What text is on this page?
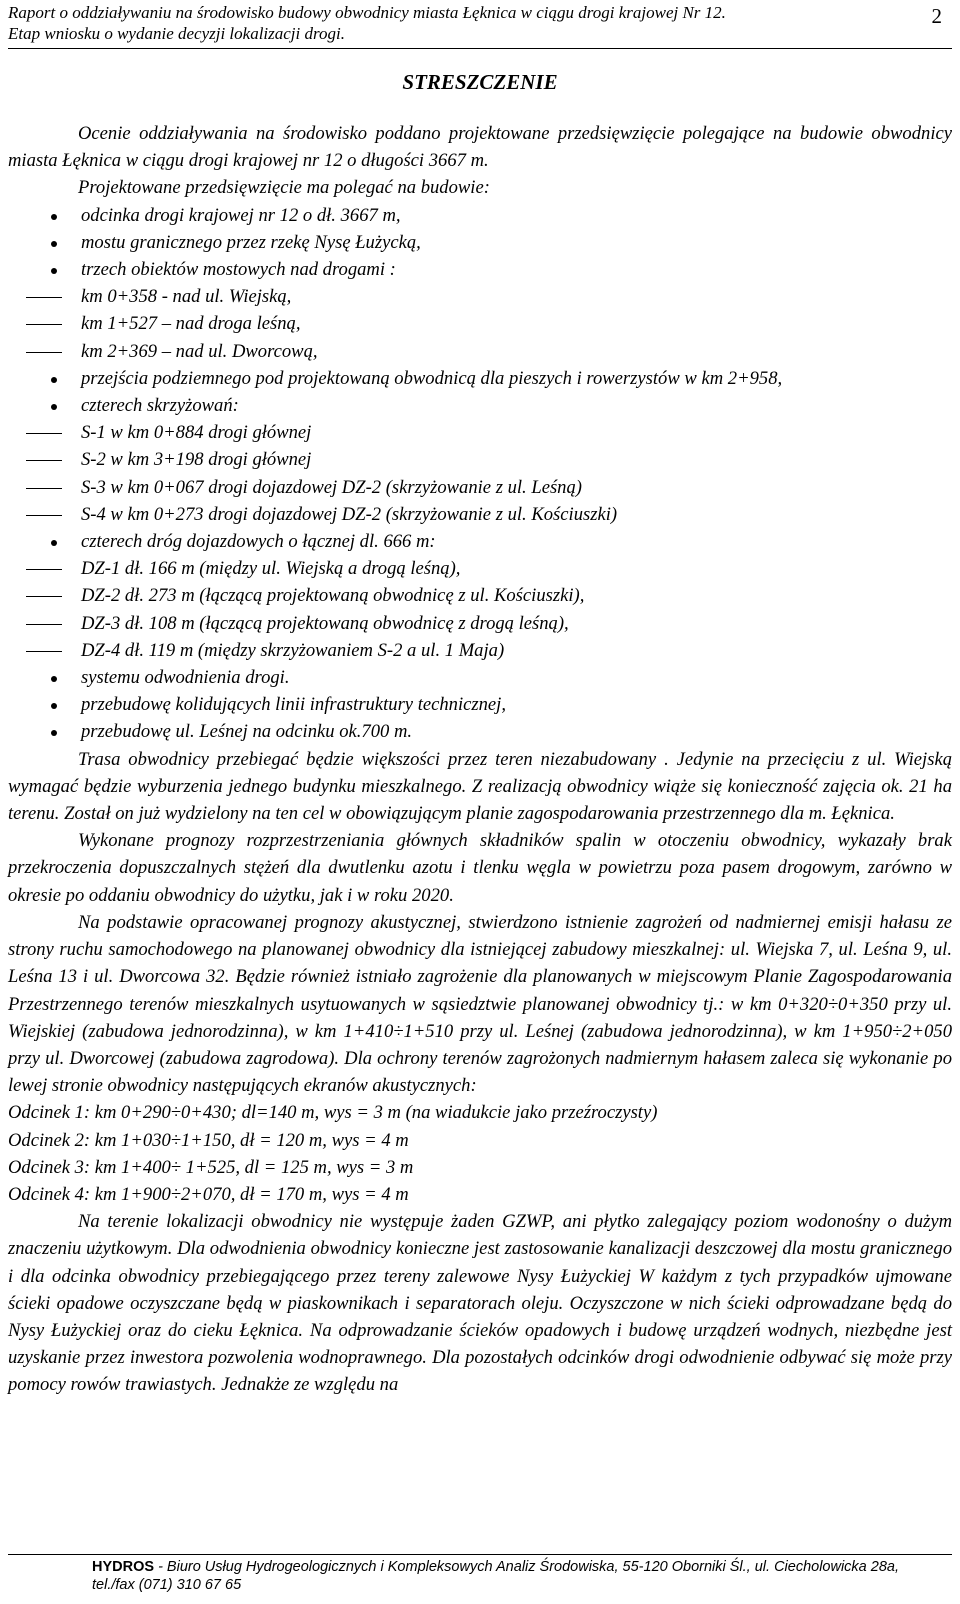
Raport o oddziaływaniu na środowisko budowy obwodnicy miasta Łęknica w ciągu drogi krajowej Nr 12.
Etap wniosku o wydanie decyzji lokalizacji drogi.
2
STRESZCZENIE

Ocenie oddziaływania na środowisko poddano projektowane przedsięwzięcie polegające na budowie obwodnicy miasta Łęknica w ciągu drogi krajowej nr 12 o długości 3667 m.

Projektowane przedsięwzięcie ma polegać na budowie:

odcinka drogi krajowej nr 12 o dł. 3667 m,
mostu granicznego przez rzekę Nysę Łużycką,
trzech obiektów mostowych nad drogami :
km 0+358 - nad ul. Wiejską,
km 1+527 – nad droga leśną,
km 2+369 – nad ul. Dworcową,
przejścia podziemnego pod projektowaną obwodnicą dla pieszych i rowerzystów w km 2+958,
czterech skrzyżowań:
S-1 w km 0+884 drogi głównej
S-2 w km 3+198 drogi głównej
S-3 w km 0+067 drogi dojazdowej DZ-2 (skrzyżowanie z ul. Leśną)
S-4 w km 0+273 drogi dojazdowej DZ-2 (skrzyżowanie z ul. Kościuszki)
czterech dróg dojazdowych o łącznej dl. 666 m:
DZ-1 dł. 166 m (między ul. Wiejską a drogą leśną),
DZ-2 dł. 273 m (łączącą projektowaną obwodnicę z ul. Kościuszki),
DZ-3 dł. 108 m (łączącą projektowaną obwodnicę z drogą leśną),
DZ-4 dł. 119 m (między skrzyżowaniem S-2 a ul. 1 Maja)
systemu odwodnienia drogi.
przebudowę kolidujących linii infrastruktury technicznej,
przebudowę ul. Leśnej na odcinku ok.700 m.

Trasa obwodnicy przebiegać będzie większości przez teren niezabudowany . Jedynie na przecięciu z ul. Wiejską wymagać będzie wyburzenia jednego budynku mieszkalnego. Z realizacją obwodnicy wiąże się konieczność zajęcia ok. 21 ha terenu. Został on już wydzielony na ten cel w obowiązującym planie zagospodarowania przestrzennego dla m. Łęknica.

Wykonane prognozy rozprzestrzeniania głównych składników spalin w otoczeniu obwodnicy, wykazały brak przekroczenia dopuszczalnych stężeń dla dwutlenku azotu i tlenku węgla w powietrzu poza pasem drogowym, zarówno w okresie po oddaniu obwodnicy do użytku, jak i w roku 2020.

Na podstawie opracowanej prognozy akustycznej, stwierdzono istnienie zagrożeń od nadmiernej emisji hałasu ze strony ruchu samochodowego na planowanej obwodnicy dla istniejącej zabudowy mieszkalnej: ul. Wiejska 7, ul. Leśna 9, ul. Leśna 13 i ul. Dworcowa 32. Będzie również istniało zagrożenie dla planowanych w miejscowym Planie Zagospodarowania Przestrzennego terenów mieszkalnych usytuowanych w sąsiedztwie planowanej obwodnicy tj.: w km 0+320÷0+350 przy ul. Wiejskiej (zabudowa jednorodzinna), w km 1+410÷1+510 przy ul. Leśnej (zabudowa jednorodzinna), w km 1+950÷2+050 przy ul. Dworcowej (zabudowa zagrodowa). Dla ochrony terenów zagrożonych nadmiernym hałasem zaleca się wykonanie po lewej stronie obwodnicy następujących ekranów akustycznych:

Odcinek 1: km 0+290÷0+430; dl=140 m, wys = 3 m (na wiadukcie jako przeźroczysty)

Odcinek 2: km 1+030÷1+150, dł = 120 m, wys = 4 m

Odcinek 3: km 1+400÷ 1+525, dl = 125 m, wys = 3 m

Odcinek 4: km 1+900÷2+070, dł = 170 m, wys = 4 m

Na terenie lokalizacji obwodnicy nie występuje żaden GZWP, ani płytko zalegający poziom wodonośny o dużym znaczeniu użytkowym. Dla odwodnienia obwodnicy konieczne jest zastosowanie kanalizacji deszczowej dla mostu granicznego i dla odcinka obwodnicy przebiegającego przez tereny zalewowe Nysy Łużyckiej W każdym z tych przypadków ujmowane ścieki opadowe oczyszczane będą w piaskownikach i separatorach oleju. Oczyszczone w nich ścieki odprowadzane będą do Nysy Łużyckiej oraz do cieku Łęknica. Na odprowadzanie ścieków opadowych i budowę urządzeń wodnych, niezbędne jest uzyskanie przez inwestora pozwolenia wodnoprawnego. Dla pozostałych odcinków drogi odwodnienie odbywać się może przy pomocy rowów trawiastych. Jednakże ze względu na

HYDROS - Biuro Usług Hydrogeologicznych i Kompleksowych Analiz Środowiska, 55-120 Oborniki Śl., ul. Ciecholowicka 28a,
tel./fax (071) 310 67 65
